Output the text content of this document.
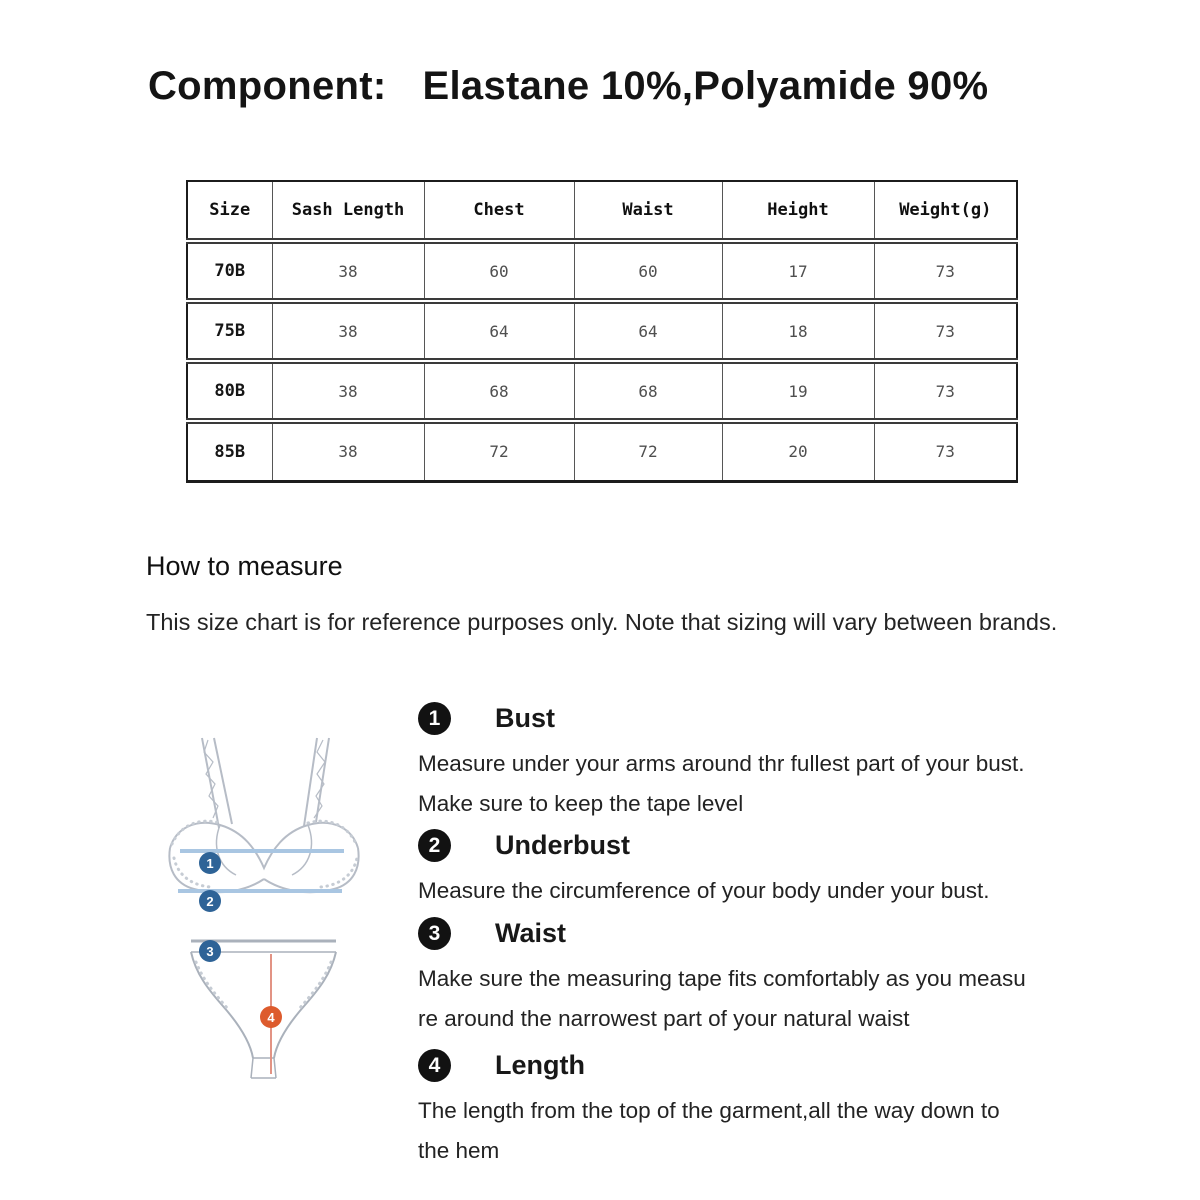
Component: Elastane 10%,Polyamide 90%
Size	Sash Length	Chest	Waist	Height	Weight(g)
70B	38	60	60	17	73
75B	38	64	64	18	73
80B	38	68	68	19	73
85B	38	72	72	20	73
How to measure

This size chart is for reference purposes only. Note that sizing will vary between brands.

1
2
3
4
1	Bust

Measure under your arms around thr fullest part of your bust.

Make sure to keep the tape level

2	Underbust

Measure the circumference of your body under your bust.

3	Waist

Make sure the measuring tape fits comfortably as you measu

re around the narrowest part of your natural waist

4	Length

The length from the top of the garment,all the way down to

the hem
